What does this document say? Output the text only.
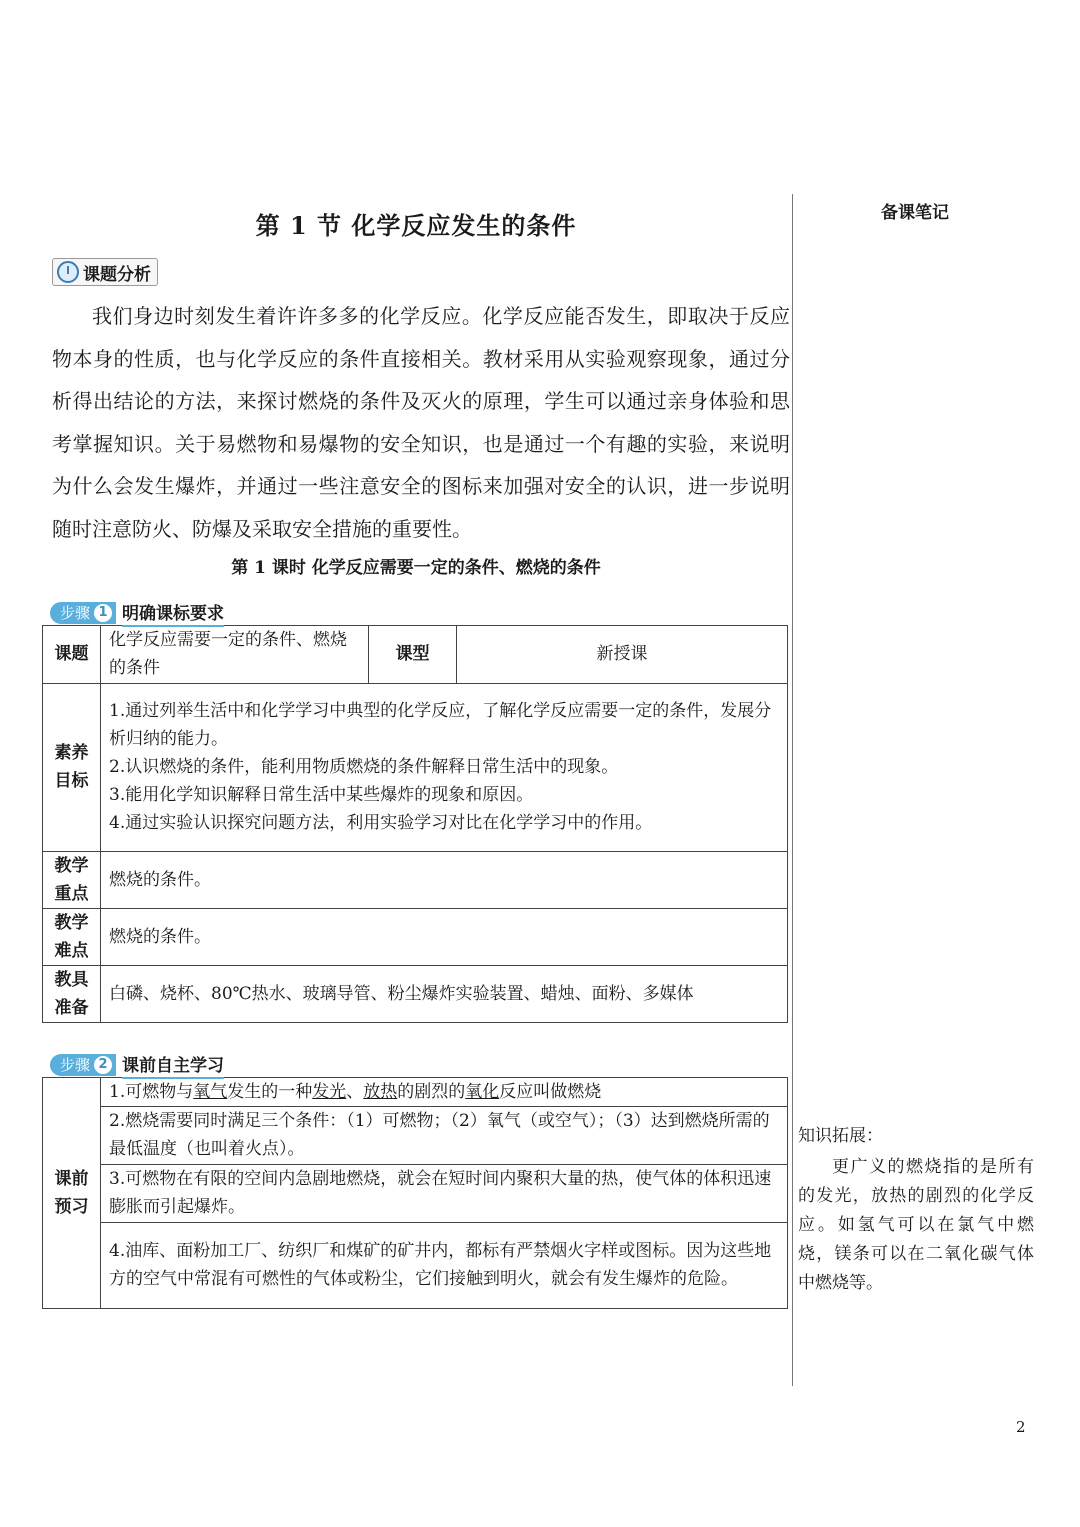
第 1 节 化学反应发生的条件
课题分析
我们身边时刻发生着许许多多的化学反应。化学反应能否发生，即取决于反应物本身的性质，也与化学反应的条件直接相关。教材采用从实验观察现象，通过分析得出结论的方法，来探讨燃烧的条件及灭火的原理，学生可以通过亲身体验和思考掌握知识。关于易燃物和易爆物的安全知识，也是通过一个有趣的实验，来说明为什么会发生爆炸，并通过一些注意安全的图标来加强对安全的认识，进一步说明随时注意防火、防爆及采取安全措施的重要性。
第 1 课时 化学反应需要一定的条件、燃烧的条件
步骤 1 明确课标要求
课题	化学反应需要一定的条件、燃烧的条件	课型	新授课
素养目标	1.通过列举生活中和化学学习中典型的化学反应，了解化学反应需要一定的条件，发展分析归纳的能力。
2.认识燃烧的条件，能利用物质燃烧的条件解释日常生活中的现象。
3.能用化学知识解释日常生活中某些爆炸的现象和原因。
4.通过实验认识探究问题方法，利用实验学习对比在化学学习中的作用。		

教学重点	燃烧的条件。		
教学难点	燃烧的条件。		
教具准备	白磷、烧杯、80℃热水、玻璃导管、粉尘爆炸实验装置、蜡烛、面粉、多媒体		
步骤 2 课前自主学习
课前预习	1.可燃物与氧气发生的一种发光、放热的剧烈的氧化反应叫做燃烧
2.燃烧需要同时满足三个条件：（1）可燃物；（2）氧气（或空气）；（3）达到燃烧所需的最低温度（也叫着火点）。
3.可燃物在有限的空间内急剧地燃烧，就会在短时间内聚积大量的热，使气体的体积迅速膨胀而引起爆炸。
4.油库、面粉加工厂、纺织厂和煤矿的矿井内，都标有严禁烟火字样或图标。因为这些地方的空气中常混有可燃性的气体或粉尘，它们接触到明火，就会有发生爆炸的危险。
备课笔记
知识拓展：
更广义的燃烧指的是所有的发光，放热的剧烈的化学反应。如氢气可以在氯气中燃烧，镁条可以在二氧化碳气体中燃烧等。
2
